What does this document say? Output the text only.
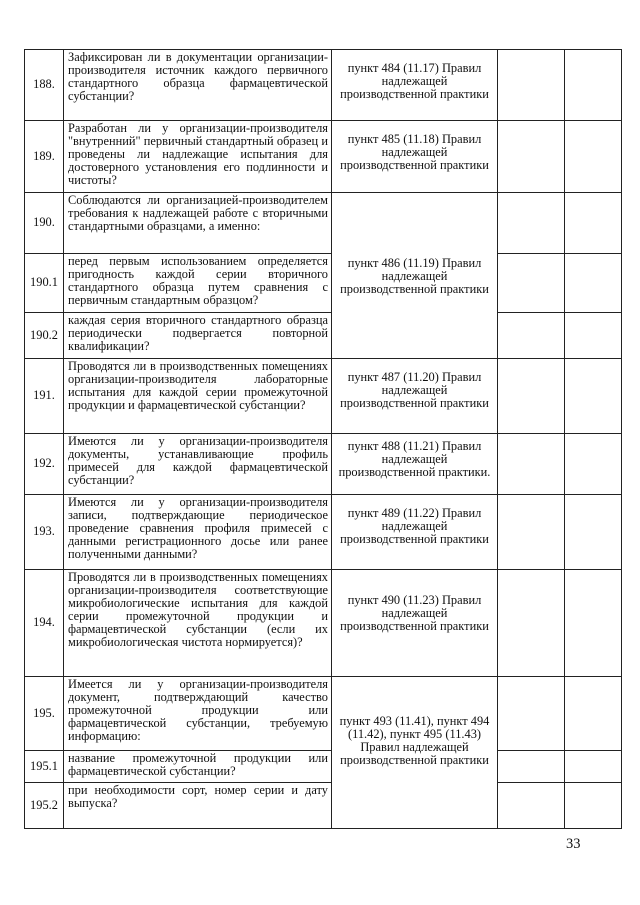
188.	Зафиксирован ли в документации организации-производителя источник каждого первичного стандартного образца фармацевтической субстанции?	пункт 484 (11.17) Правил надлежащей производственной практики		

189.	Разработан ли у организации-производителя "внутренний" первичный стандартный образец и проведены ли надлежащие испытания для достоверного установления его подлинности и чистоты?	пункт 485 (11.18) Правил надлежащей производственной практики		

190.	Соблюдаются ли организацией-производителем требования к надлежащей работе с вторичными стандартными образцами, а именно:	пункт 486 (11.19) Правил надлежащей производственной практики		

190.1	перед первым использованием определяется пригодность каждой серии вторичного стандартного образца путем сравнения с первичным стандартным образцом?			
190.2	каждая серия вторичного стандартного образца периодически подвергается повторной квалификации?			
191.	Проводятся ли в производственных помещениях организации-производителя лабораторные испытания для каждой серии промежуточной продукции и фармацевтической субстанции?	пункт 487 (11.20) Правил надлежащей производственной практики		

192.	Имеются ли у организации-производителя документы, устанавливающие профиль примесей для каждой фармацевтической субстанции?	пункт 488 (11.21) Правил надлежащей производственной практики.		

193.	Имеются ли у организации-производителя записи, подтверждающие периодическое проведение сравнения профиля примесей с данными регистрационного досье или ранее полученными данными?	пункт 489 (11.22) Правил надлежащей производственной практики		

194.	Проводятся ли в производственных помещениях организации-производителя соответствующие микробиологические испытания для каждой серии промежуточной продукции и фармацевтической субстанции (если их микробиологическая чистота нормируется)?	пункт 490 (11.23) Правил надлежащей производственной практики		

195.	Имеется ли у организации-производителя документ, подтверждающий качество промежуточной продукции или фармацевтической субстанции, требуемую информацию:	пункт 493 (11.41), пункт 494 (11.42), пункт 495 (11.43) Правил надлежащей производственной практики		

195.1	название промежуточной продукции или фармацевтической субстанции?			
195.2	при необходимости сорт, номер серии и дату выпуска?			
33
